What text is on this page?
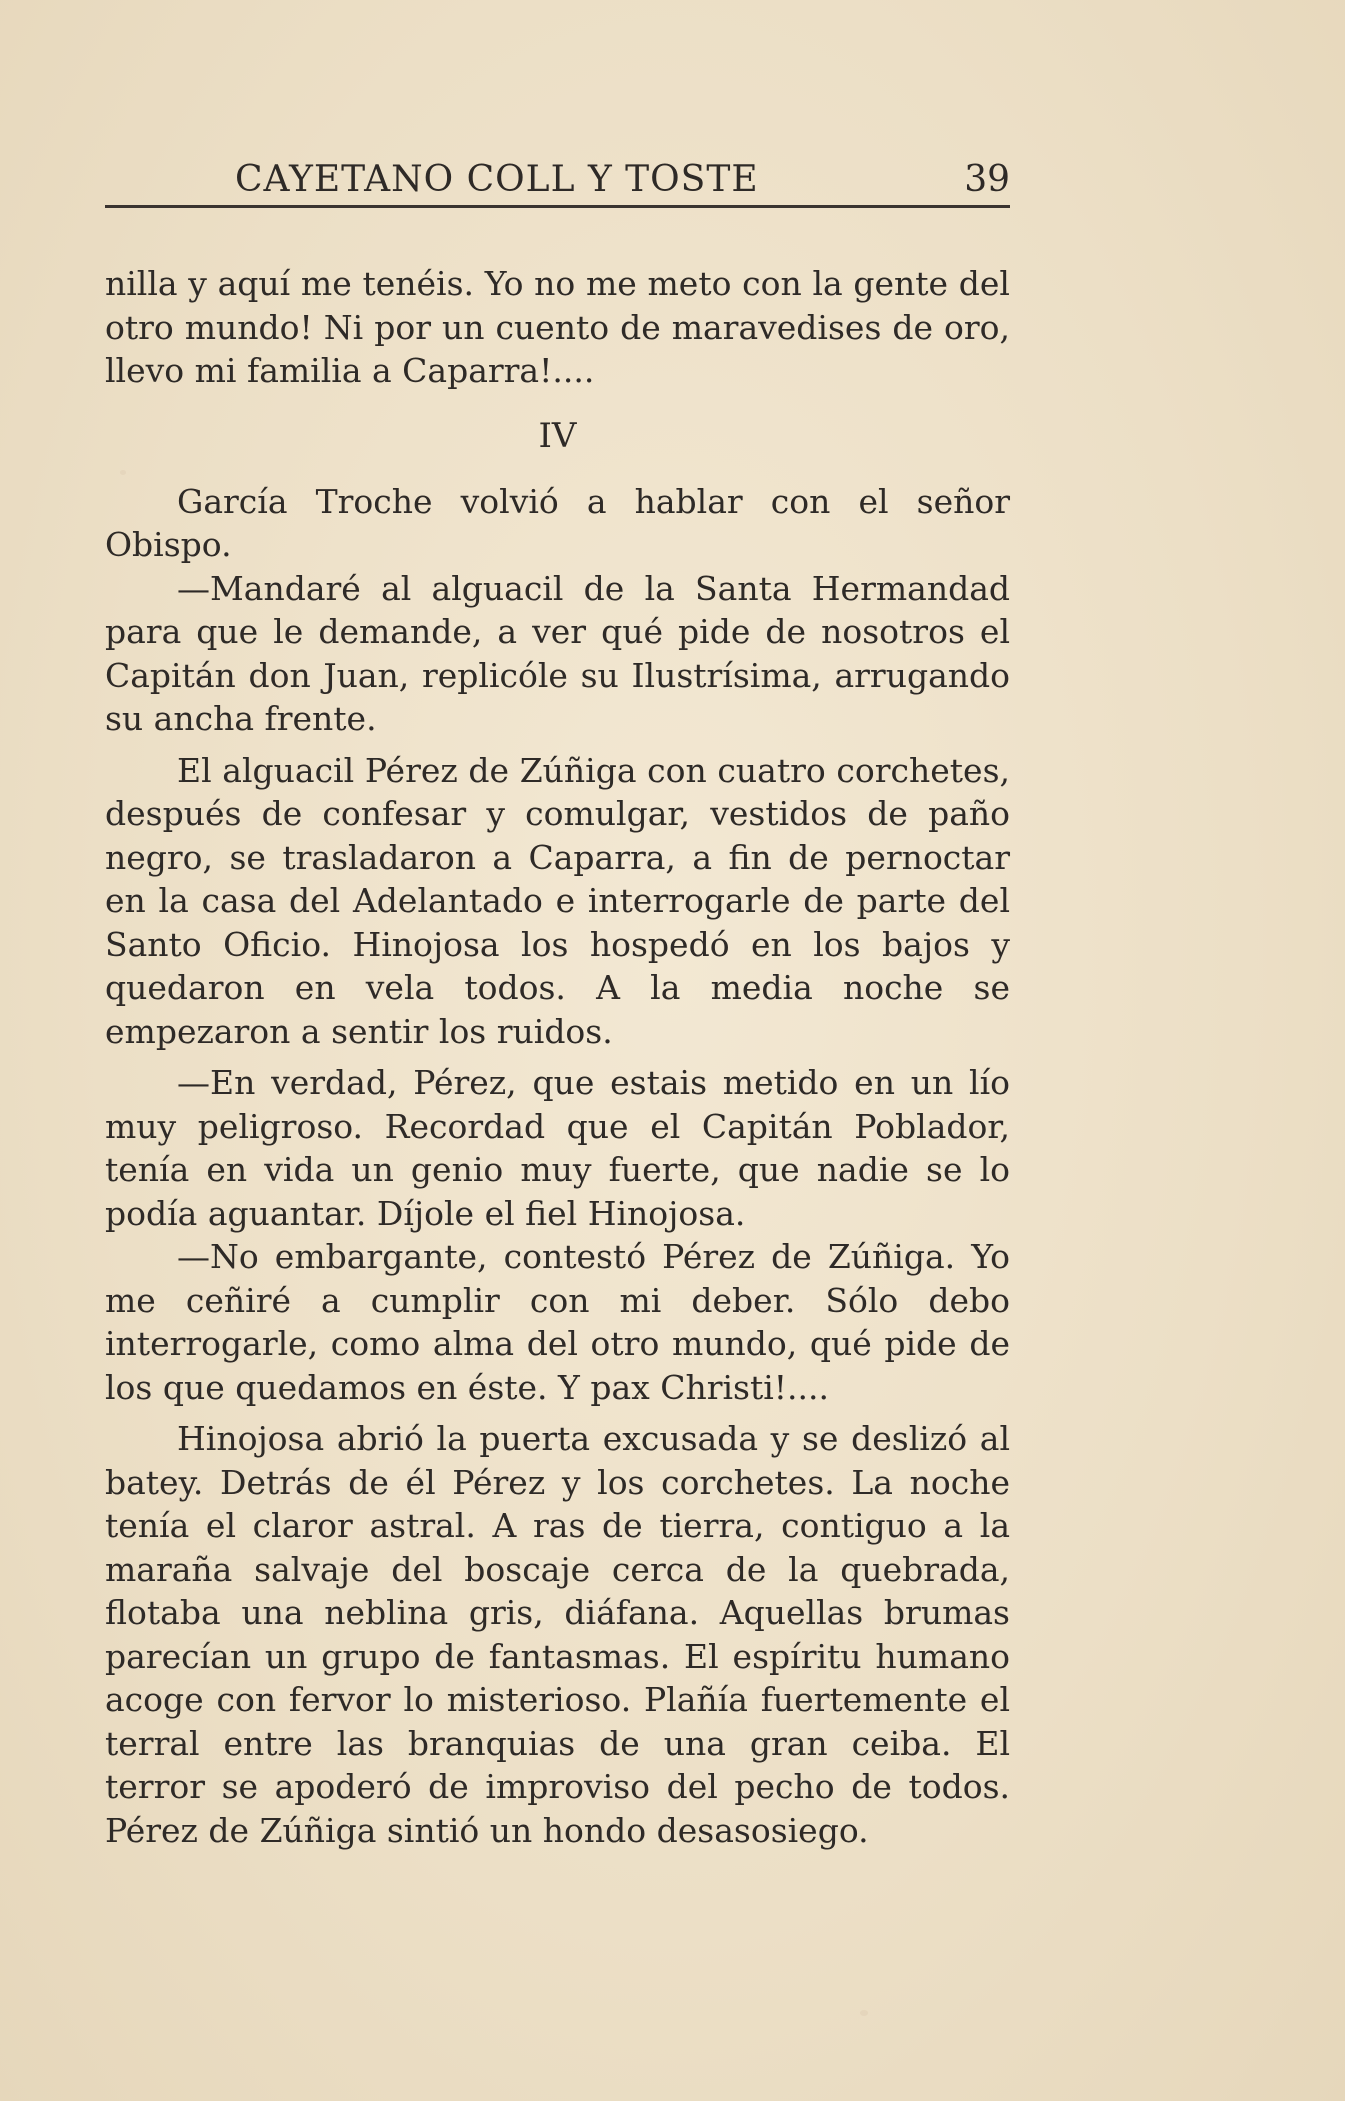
CAYETANO COLL Y TOSTE	39

nilla y aquí me tenéis. Yo no me meto con la gente del otro mundo! Ni por un cuento de maravedises de oro, llevo mi familia a Caparra!....

IV

García Troche volvió a hablar con el señor Obispo.

—Mandaré al alguacil de la Santa Hermandad para que le demande, a ver qué pide de nosotros el Capitán don Juan, replicóle su Ilustrísima, arrugando su ancha frente.

El alguacil Pérez de Zúñiga con cuatro corchetes, después de confesar y comulgar, vestidos de paño negro, se trasladaron a Caparra, a fin de pernoctar en la casa del Adelantado e interrogarle de parte del Santo Oficio. Hinojosa los hospedó en los bajos y quedaron en vela todos. A la media noche se empezaron a sentir los ruidos.

—En verdad, Pérez, que estais metido en un lío muy peligroso. Recordad que el Capitán Poblador, tenía en vida un genio muy fuerte, que nadie se lo podía aguantar. Díjole el fiel Hinojosa.

—No embargante, contestó Pérez de Zúñiga. Yo me ceñiré a cumplir con mi deber. Sólo debo interrogarle, como alma del otro mundo, qué pide de los que quedamos en éste. Y pax Christi!....

Hinojosa abrió la puerta excusada y se deslizó al batey. Detrás de él Pérez y los corchetes. La noche tenía el claror astral. A ras de tierra, contiguo a la maraña salvaje del boscaje cerca de la quebrada, flotaba una neblina gris, diáfana. Aquellas brumas parecían un grupo de fantasmas. El espíritu humano acoge con fervor lo misterioso. Plañía fuertemente el terral entre las branquias de una gran ceiba. El terror se apoderó de improviso del pecho de todos. Pérez de Zúñiga sintió un hondo desasosiego.
